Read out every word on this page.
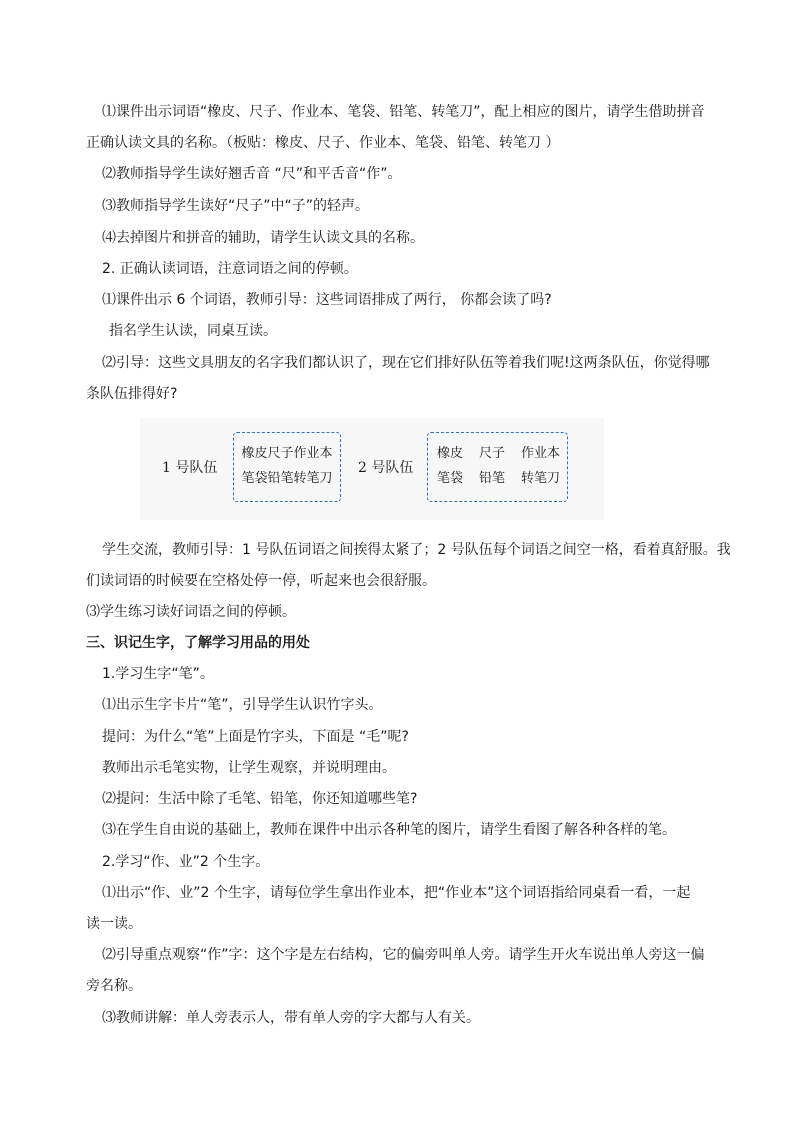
⑴课件出示词语“橡皮、尺子、作业本、笔袋、铅笔、转笔刀”，配上相应的图片，请学生借助拼音
正确认读文具的名称。（板贴：橡皮、尺子、作业本、笔袋、铅笔、转笔刀 ）
⑵教师指导学生读好翘舌音 “尺”和平舌音“作”。
⑶教师指导学生读好“尺子”中“子”的轻声。
⑷去掉图片和拼音的辅助，请学生认读文具的名称。
2. 正确认读词语，注意词语之间的停顿。
⑴课件出示 6 个词语，教师引导：这些词语排成了两行， 你都会读了吗?
指名学生认读，同桌互读。
⑵引导：这些文具朋友的名字我们都认识了，现在它们排好队伍等着我们呢!这两条队伍，你觉得哪
条队伍排得好?
1 号队伍
橡皮尺子作业本
笔袋铅笔转笔刀
2 号队伍
橡皮 尺子 作业本
笔袋 铅笔 转笔刀
学生交流，教师引导：1 号队伍词语之间挨得太紧了；2 号队伍每个词语之间空一格，看着真舒服。我
们读词语的时候要在空格处停一停，听起来也会很舒服。
⑶学生练习读好词语之间的停顿。
三、识记生字，了解学习用品的用处
1.学习生字“笔”。
⑴出示生字卡片“笔”，引导学生认识竹字头。
提问：为什么“笔”上面是竹字头，下面是 “毛”呢?
教师出示毛笔实物，让学生观察，并说明理由。
⑵提问：生活中除了毛笔、铅笔，你还知道哪些笔?
⑶在学生自由说的基础上，教师在课件中出示各种笔的图片，请学生看图了解各种各样的笔。
2.学习“作、业”2 个生字。
⑴出示“作、业”2 个生字，请每位学生拿出作业本，把“作业本”这个词语指给同桌看一看，一起
读一读。
⑵引导重点观察“作”字：这个字是左右结构，它的偏旁叫单人旁。请学生开火车说出单人旁这一偏
旁名称。
⑶教师讲解：单人旁表示人，带有单人旁的字大都与人有关。
